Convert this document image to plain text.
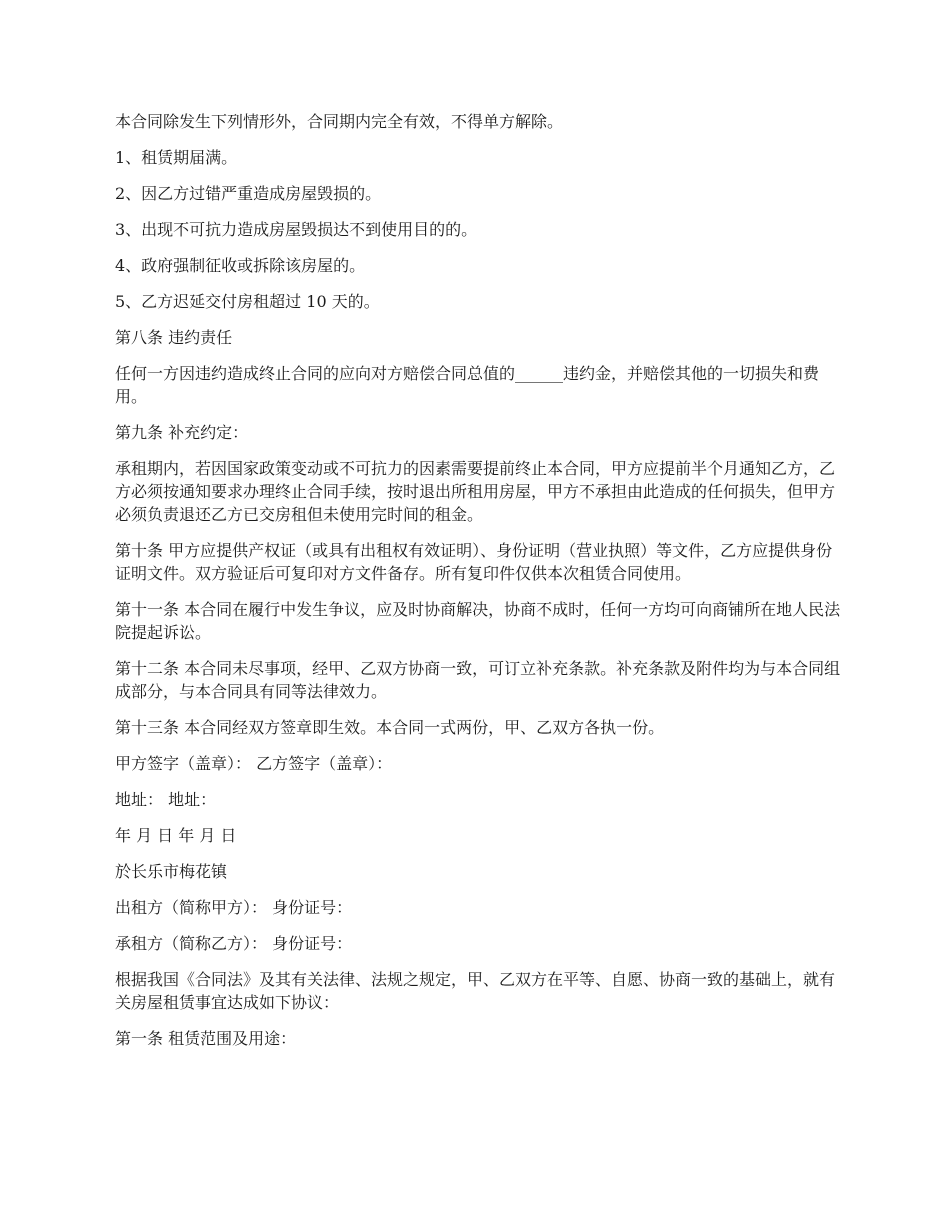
本合同除发生下列情形外，合同期内完全有效，不得单方解除。

1、租赁期届满。

2、因乙方过错严重造成房屋毁损的。

3、出现不可抗力造成房屋毁损达不到使用目的的。

4、政府强制征收或拆除该房屋的。

5、乙方迟延交付房租超过 10 天的。

第八条 违约责任

任何一方因违约造成终止合同的应向对方赔偿合同总值的______违约金，并赔偿其他的一切损失和费用。

第九条 补充约定：

承租期内，若因国家政策变动或不可抗力的因素需要提前终止本合同，甲方应提前半个月通知乙方，乙方必须按通知要求办理终止合同手续，按时退出所租用房屋，甲方不承担由此造成的任何损失，但甲方必须负责退还乙方已交房租但未使用完时间的租金。

第十条 甲方应提供产权证（或具有出租权有效证明）、身份证明（营业执照）等文件，乙方应提供身份证明文件。双方验证后可复印对方文件备存。所有复印件仅供本次租赁合同使用。

第十一条 本合同在履行中发生争议，应及时协商解决，协商不成时，任何一方均可向商铺所在地人民法院提起诉讼。

第十二条 本合同未尽事项，经甲、乙双方协商一致，可订立补充条款。补充条款及附件均为与本合同组成部分，与本合同具有同等法律效力。

第十三条 本合同经双方签章即生效。本合同一式两份，甲、乙双方各执一份。

甲方签字（盖章）： 乙方签字（盖章）：

地址： 地址：

年 月 日 年 月 日

於长乐市梅花镇

出租方（简称甲方）： 身份证号：

承租方（简称乙方）： 身份证号：

根据我国《合同法》及其有关法律、法规之规定，甲、乙双方在平等、自愿、协商一致的基础上，就有关房屋租赁事宜达成如下协议：

第一条 租赁范围及用途：
